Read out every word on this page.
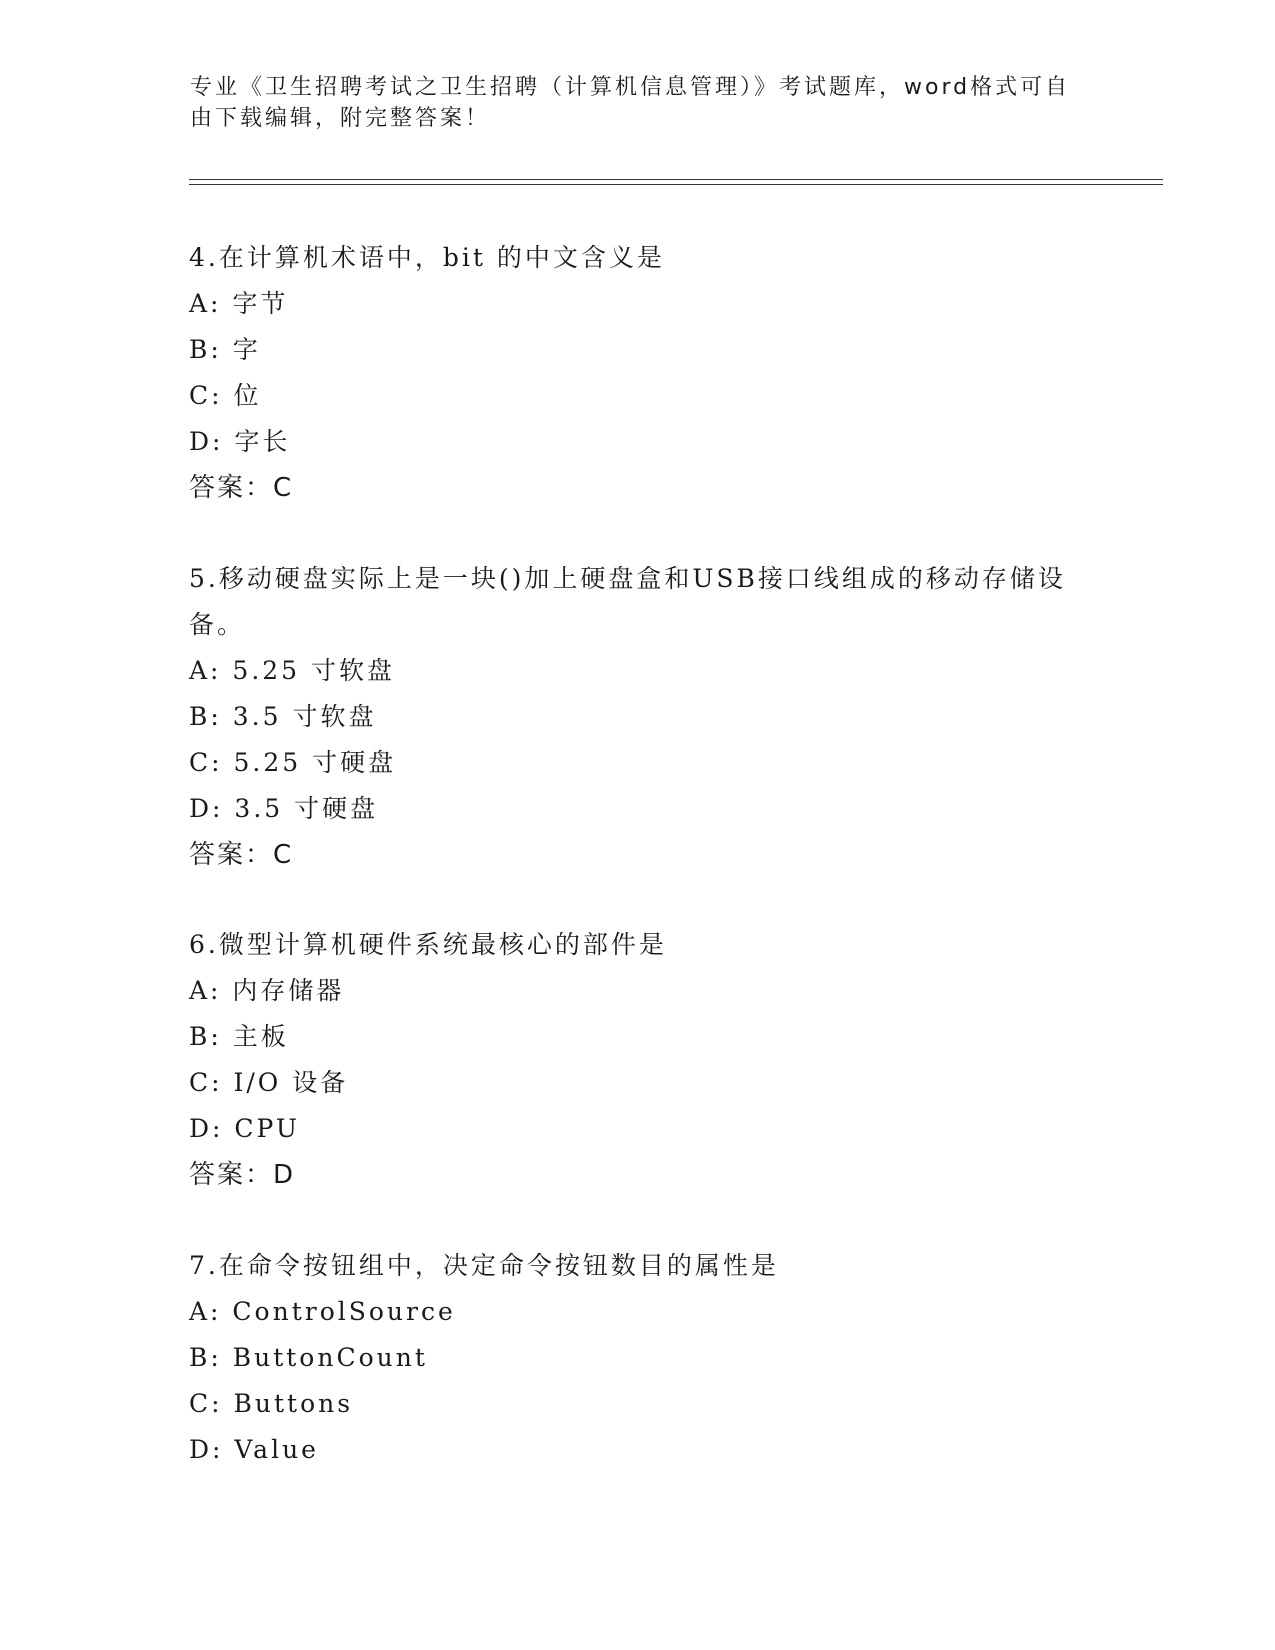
专业《卫生招聘考试之卫生招聘（计算机信息管理）》考试题库，word格式可自由下载编辑，附完整答案！
4.在计算机术语中，bit 的中文含义是
A: 字节
B: 字
C: 位
D: 字长
答案：C
5.移动硬盘实际上是一块()加上硬盘盒和USB接口线组成的移动存储设备。
A: 5.25 寸软盘
B: 3.5 寸软盘
C: 5.25 寸硬盘
D: 3.5 寸硬盘
答案：C
6.微型计算机硬件系统最核心的部件是
A: 内存储器
B: 主板
C: I/O 设备
D: CPU
答案：D
7.在命令按钮组中，决定命令按钮数目的属性是
A: ControlSource
B: ButtonCount
C: Buttons
D: Value
